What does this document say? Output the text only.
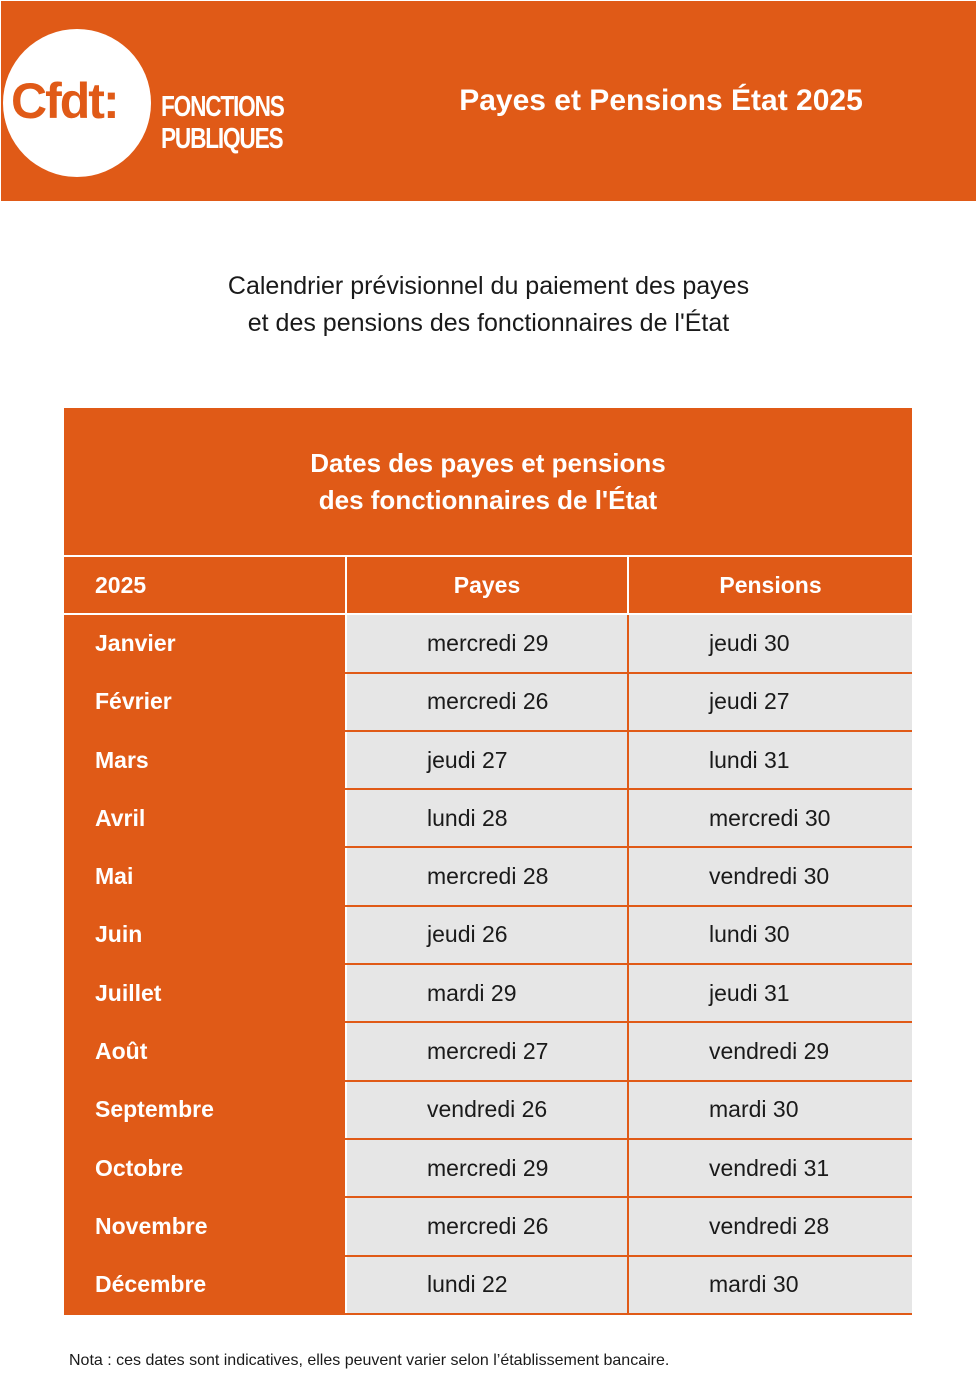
Cfdt:	FONCTIONS
PUBLIQUES
Payes et Pensions État 2025
Calendrier prévisionnel du paiement des payes
et des pensions des fonctionnaires de l'État
Dates des payes et pensions
des fonctionnaires de l'État
2025	Payes	Pensions
Janvier	mercredi 29	jeudi 30
Février	mercredi 26	jeudi 27
Mars	jeudi 27	lundi 31
Avril	lundi 28	mercredi 30
Mai	mercredi 28	vendredi 30
Juin	jeudi 26	lundi 30
Juillet	mardi 29	jeudi 31
Août	mercredi 27	vendredi 29
Septembre	vendredi 26	mardi 30
Octobre	mercredi 29	vendredi 31
Novembre	mercredi 26	vendredi 28
Décembre	lundi 22	mardi 30
Nota : ces dates sont indicatives, elles peuvent varier selon l’établissement bancaire.
